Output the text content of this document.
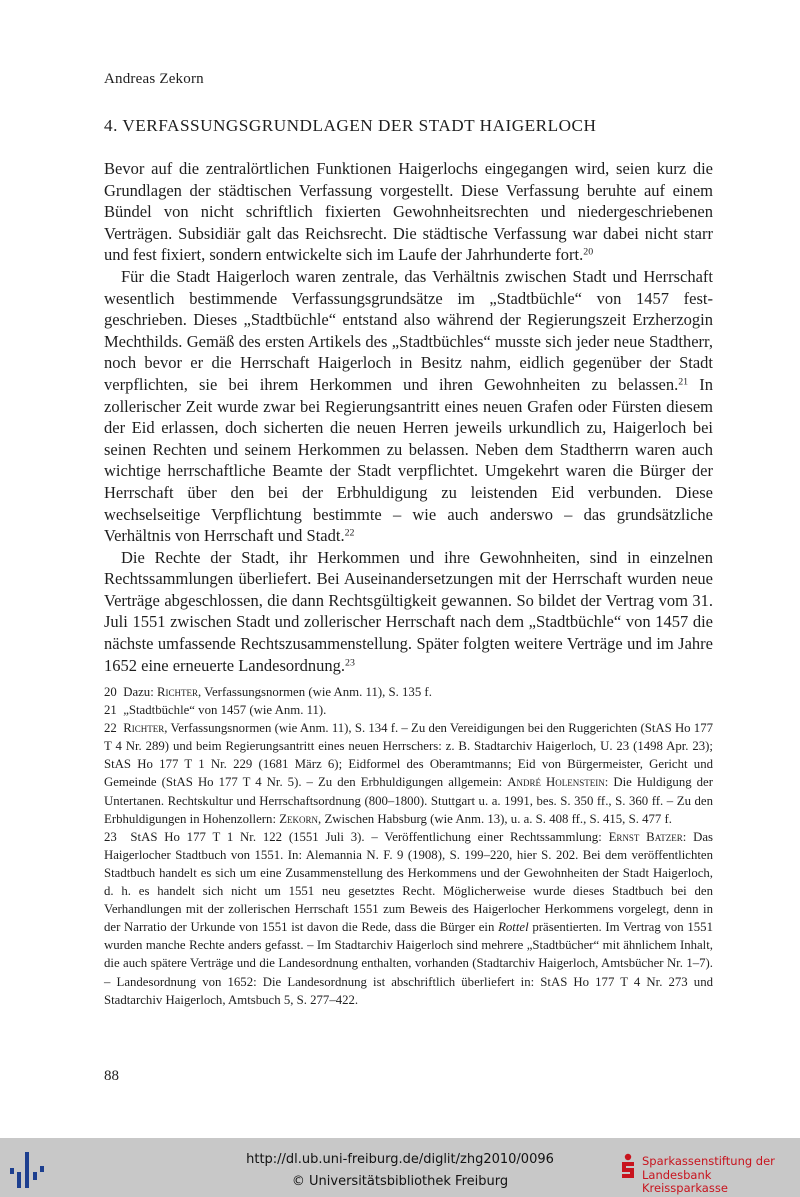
Andreas Zekorn
4. VERFASSUNGSGRUNDLAGEN DER STADT HAIGERLOCH

Bevor auf die zentralörtlichen Funktionen Haigerlochs eingegangen wird, seien kurz die Grundlagen der städtischen Verfassung vorgestellt. Diese Verfassung beruhte auf einem Bündel von nicht schriftlich fixierten Gewohnheitsrechten und niedergeschriebenen Verträgen. Subsidiär galt das Reichsrecht. Die städtische Verfassung war dabei nicht starr und fest fixiert, sondern entwickelte sich im Laufe der Jahrhunderte fort.$^{20}$

Für die Stadt Haigerloch waren zentrale, das Verhältnis zwischen Stadt und Herrschaft wesentlich bestimmende Verfassungsgrundsätze im „Stadtbüchle“ von 1457 festgeschrieben. Dieses „Stadtbüchle“ entstand also während der Regierungszeit Erzherzogin Mechthilds. Gemäß des ersten Artikels des „Stadtbüchles“ musste sich jeder neue Stadtherr, noch bevor er die Herrschaft Haigerloch in Besitz nahm, eidlich gegenüber der Stadt verpflichten, sie bei ihrem Herkommen und ihren Gewohnheiten zu belassen.$^{21}$ In zollerischer Zeit wurde zwar bei Regierungsantritt eines neuen Grafen oder Fürsten diesem der Eid erlassen, doch sicherten die neuen Herren jeweils urkundlich zu, Haigerloch bei seinen Rechten und seinem Herkommen zu belassen. Neben dem Stadtherrn waren auch wichtige herrschaftliche Beamte der Stadt verpflichtet. Umgekehrt waren die Bürger der Herrschaft über den bei der Erbhuldigung zu leistenden Eid verbunden. Diese wechselseitige Verpflichtung bestimmte – wie auch anderswo – das grundsätzliche Verhältnis von Herrschaft und Stadt.$^{22}$

Die Rechte der Stadt, ihr Herkommen und ihre Gewohnheiten, sind in einzelnen Rechtssammlungen überliefert. Bei Auseinandersetzungen mit der Herrschaft wurden neue Verträge abgeschlossen, die dann Rechtsgültigkeit gewannen. So bildet der Vertrag vom 31. Juli 1551 zwischen Stadt und zollerischer Herrschaft nach dem „Stadtbüchle“ von 1457 die nächste umfassende Rechtszusammenstellung. Später folgten weitere Verträge und im Jahre 1652 eine erneuerte Landesordnung.$^{23}$

20 Dazu: Richter, Verfassungsnormen (wie Anm. 11), S. 135 f.

21 „Stadtbüchle“ von 1457 (wie Anm. 11).

22 Richter, Verfassungsnormen (wie Anm. 11), S. 134 f. – Zu den Vereidigungen bei den Ruggerichten (StAS Ho 177 T 4 Nr. 289) und beim Regierungsantritt eines neuen Herrschers: z. B. Stadtarchiv Haigerloch, U. 23 (1498 Apr. 23); StAS Ho 177 T 1 Nr. 229 (1681 März 6); Eidformel des Oberamtmanns; Eid von Bürgermeister, Gericht und Gemeinde (StAS Ho 177 T 4 Nr. 5). – Zu den Erbhuldigungen allgemein: André Holenstein: Die Huldigung der Untertanen. Rechtskultur und Herrschaftsordnung (800–1800). Stuttgart u. a. 1991, bes. S. 350 ff., S. 360 ff. – Zu den Erbhuldigungen in Hohenzollern: Zekorn, Zwischen Habsburg (wie Anm. 13), u. a. S. 408 ff., S. 415, S. 477 f.

23 StAS Ho 177 T 1 Nr. 122 (1551 Juli 3). – Veröffentlichung einer Rechtssammlung: Ernst Batzer: Das Haigerlocher Stadtbuch von 1551. In: Alemannia N. F. 9 (1908), S. 199–220, hier S. 202. Bei dem veröffentlichten Stadtbuch handelt es sich um eine Zusammenstellung des Herkommens und der Gewohnheiten der Stadt Haigerloch, d. h. es handelt sich nicht um 1551 neu gesetztes Recht. Möglicherweise wurde dieses Stadtbuch bei den Verhandlungen mit der zollerischen Herrschaft 1551 zum Beweis des Haigerlocher Herkommens vorgelegt, denn in der Narratio der Urkunde von 1551 ist davon die Rede, dass die Bürger ein Rottel präsentierten. Im Vertrag von 1551 wurden manche Rechte anders gefasst. – Im Stadtarchiv Haigerloch sind mehrere „Stadtbücher“ mit ähnlichem Inhalt, die auch spätere Verträge und die Landesordnung enthalten, vorhanden (Stadtarchiv Haigerloch, Amtsbücher Nr. 1–7). – Landesordnung von 1652: Die Landesordnung ist abschriftlich überliefert in: StAS Ho 177 T 4 Nr. 273 und Stadtarchiv Haigerloch, Amtsbuch 5, S. 277–422.

88
http://dl.ub.uni-freiburg.de/diglit/zhg2010/0096
© Universitätsbibliothek Freiburg
Sparkassenstiftung der
Landesbank Kreissparkasse
